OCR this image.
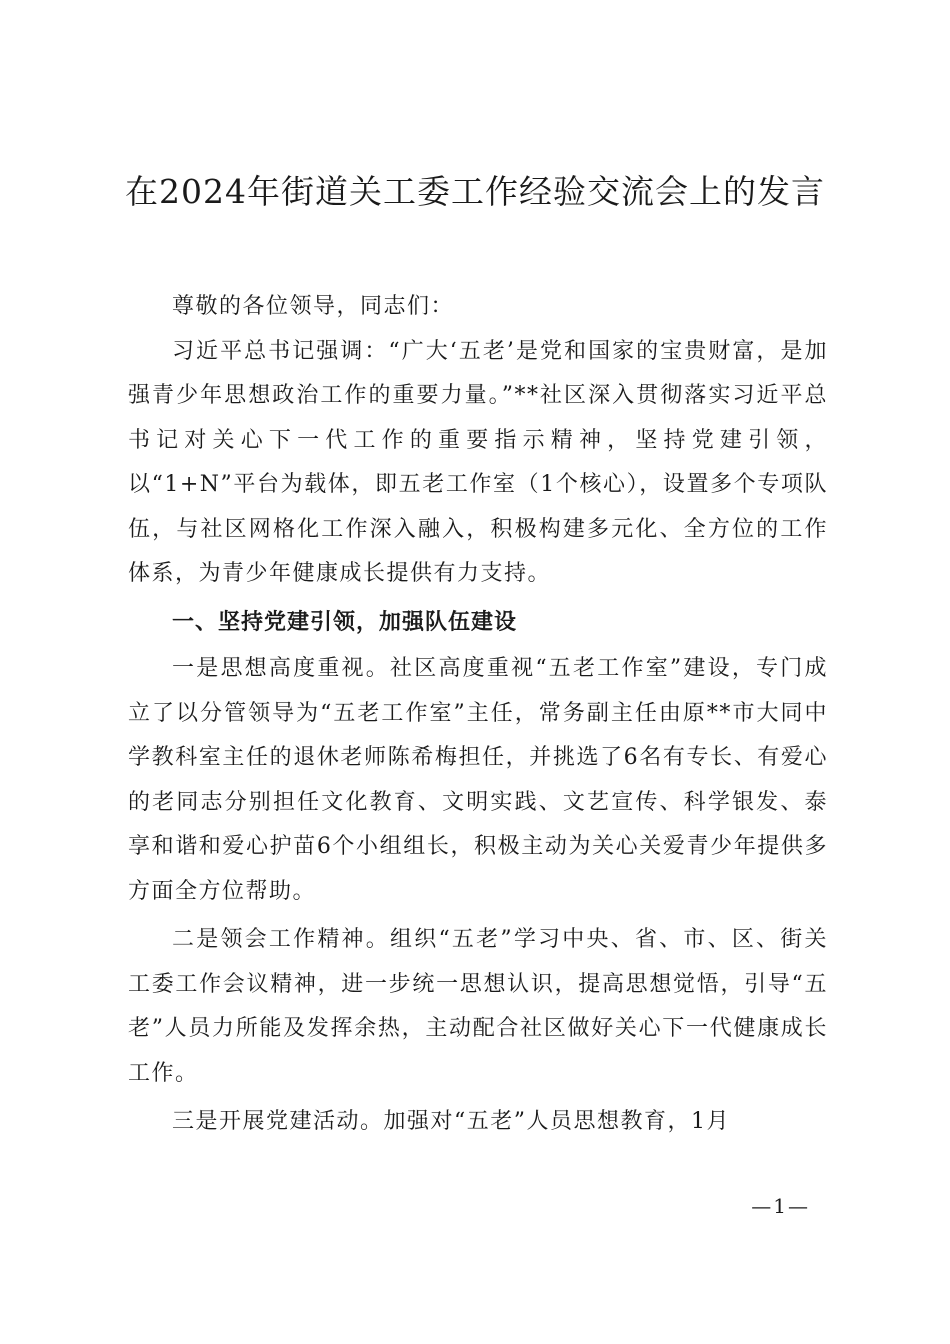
在2024年街道关工委工作经验交流会上的发言

尊敬的各位领导，同志们：

习近平总书记强调：“广大‘五老’是党和国家的宝贵财富，是加强青少年思想政治工作的重要力量。”**社区深入贯彻落实习近平总书记对关心下一代工作的重要指示精神，坚持党建引领，以“1+N”平台为载体，即五老工作室（1个核心），设置多个专项队伍，与社区网格化工作深入融入，积极构建多元化、全方位的工作体系，为青少年健康成长提供有力支持。

一、坚持党建引领，加强队伍建设

一是思想高度重视。社区高度重视“五老工作室”建设，专门成立了以分管领导为“五老工作室”主任，常务副主任由原**市大同中学教科室主任的退休老师陈希梅担任，并挑选了6名有专长、有爱心的老同志分别担任文化教育、文明实践、文艺宣传、科学银发、泰享和谐和爱心护苗6个小组组长，积极主动为关心关爱青少年提供多方面全方位帮助。

二是领会工作精神。组织“五老”学习中央、省、市、区、街关工委工作会议精神，进一步统一思想认识，提高思想觉悟，引导“五老”人员力所能及发挥余热，主动配合社区做好关心下一代健康成长工作。

三是开展党建活动。加强对“五老”人员思想教育，1月

—1—
